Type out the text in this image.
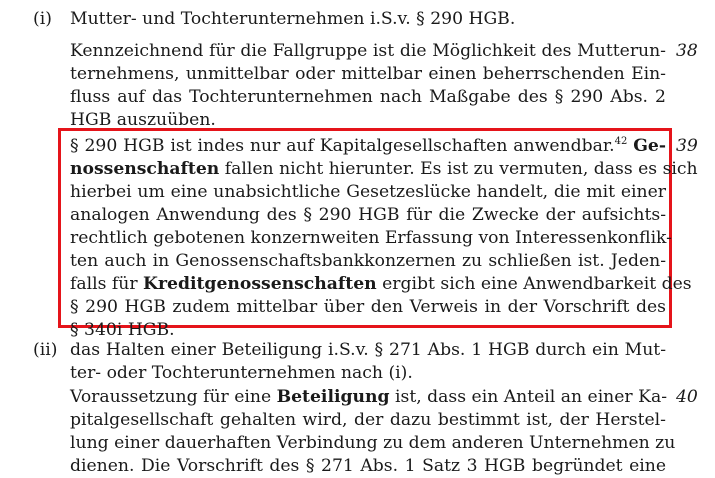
(i) Mutter- und Tochterunternehmen i.S.v. § 290 HGB.
Kennzeichnend für die Fallgruppe ist die Möglichkeit des Mutterun-
ternehmens, unmittelbar oder mittelbar einen beherrschenden Ein-
fluss auf das Tochterunternehmen nach Maßgabe des § 290 Abs. 2
HGB auszuüben.
38
§ 290 HGB ist indes nur auf Kapitalgesellschaften anwendbar.$^{42}$ Ge-
nossenschaften fallen nicht hierunter. Es ist zu vermuten, dass es sich
hierbei um eine unabsichtliche Gesetzeslücke handelt, die mit einer
analogen Anwendung des § 290 HGB für die Zwecke der aufsichts-
rechtlich gebotenen konzernweiten Erfassung von Interessenkonflik-
ten auch in Genossenschaftsbankkonzernen zu schließen ist. Jeden-
falls für Kreditgenossenschaften ergibt sich eine Anwendbarkeit des
§ 290 HGB zudem mittelbar über den Verweis in der Vorschrift des
§ 340i HGB.
39
(ii) das Halten einer Beteiligung i.S.v. § 271 Abs. 1 HGB durch ein Mut-
ter- oder Tochterunternehmen nach (i).
Voraussetzung für eine Beteiligung ist, dass ein Anteil an einer Ka-
pitalgesellschaft gehalten wird, der dazu bestimmt ist, der Herstel-
lung einer dauerhaften Verbindung zu dem anderen Unternehmen zu
dienen. Die Vorschrift des § 271 Abs. 1 Satz 3 HGB begründet eine
40
